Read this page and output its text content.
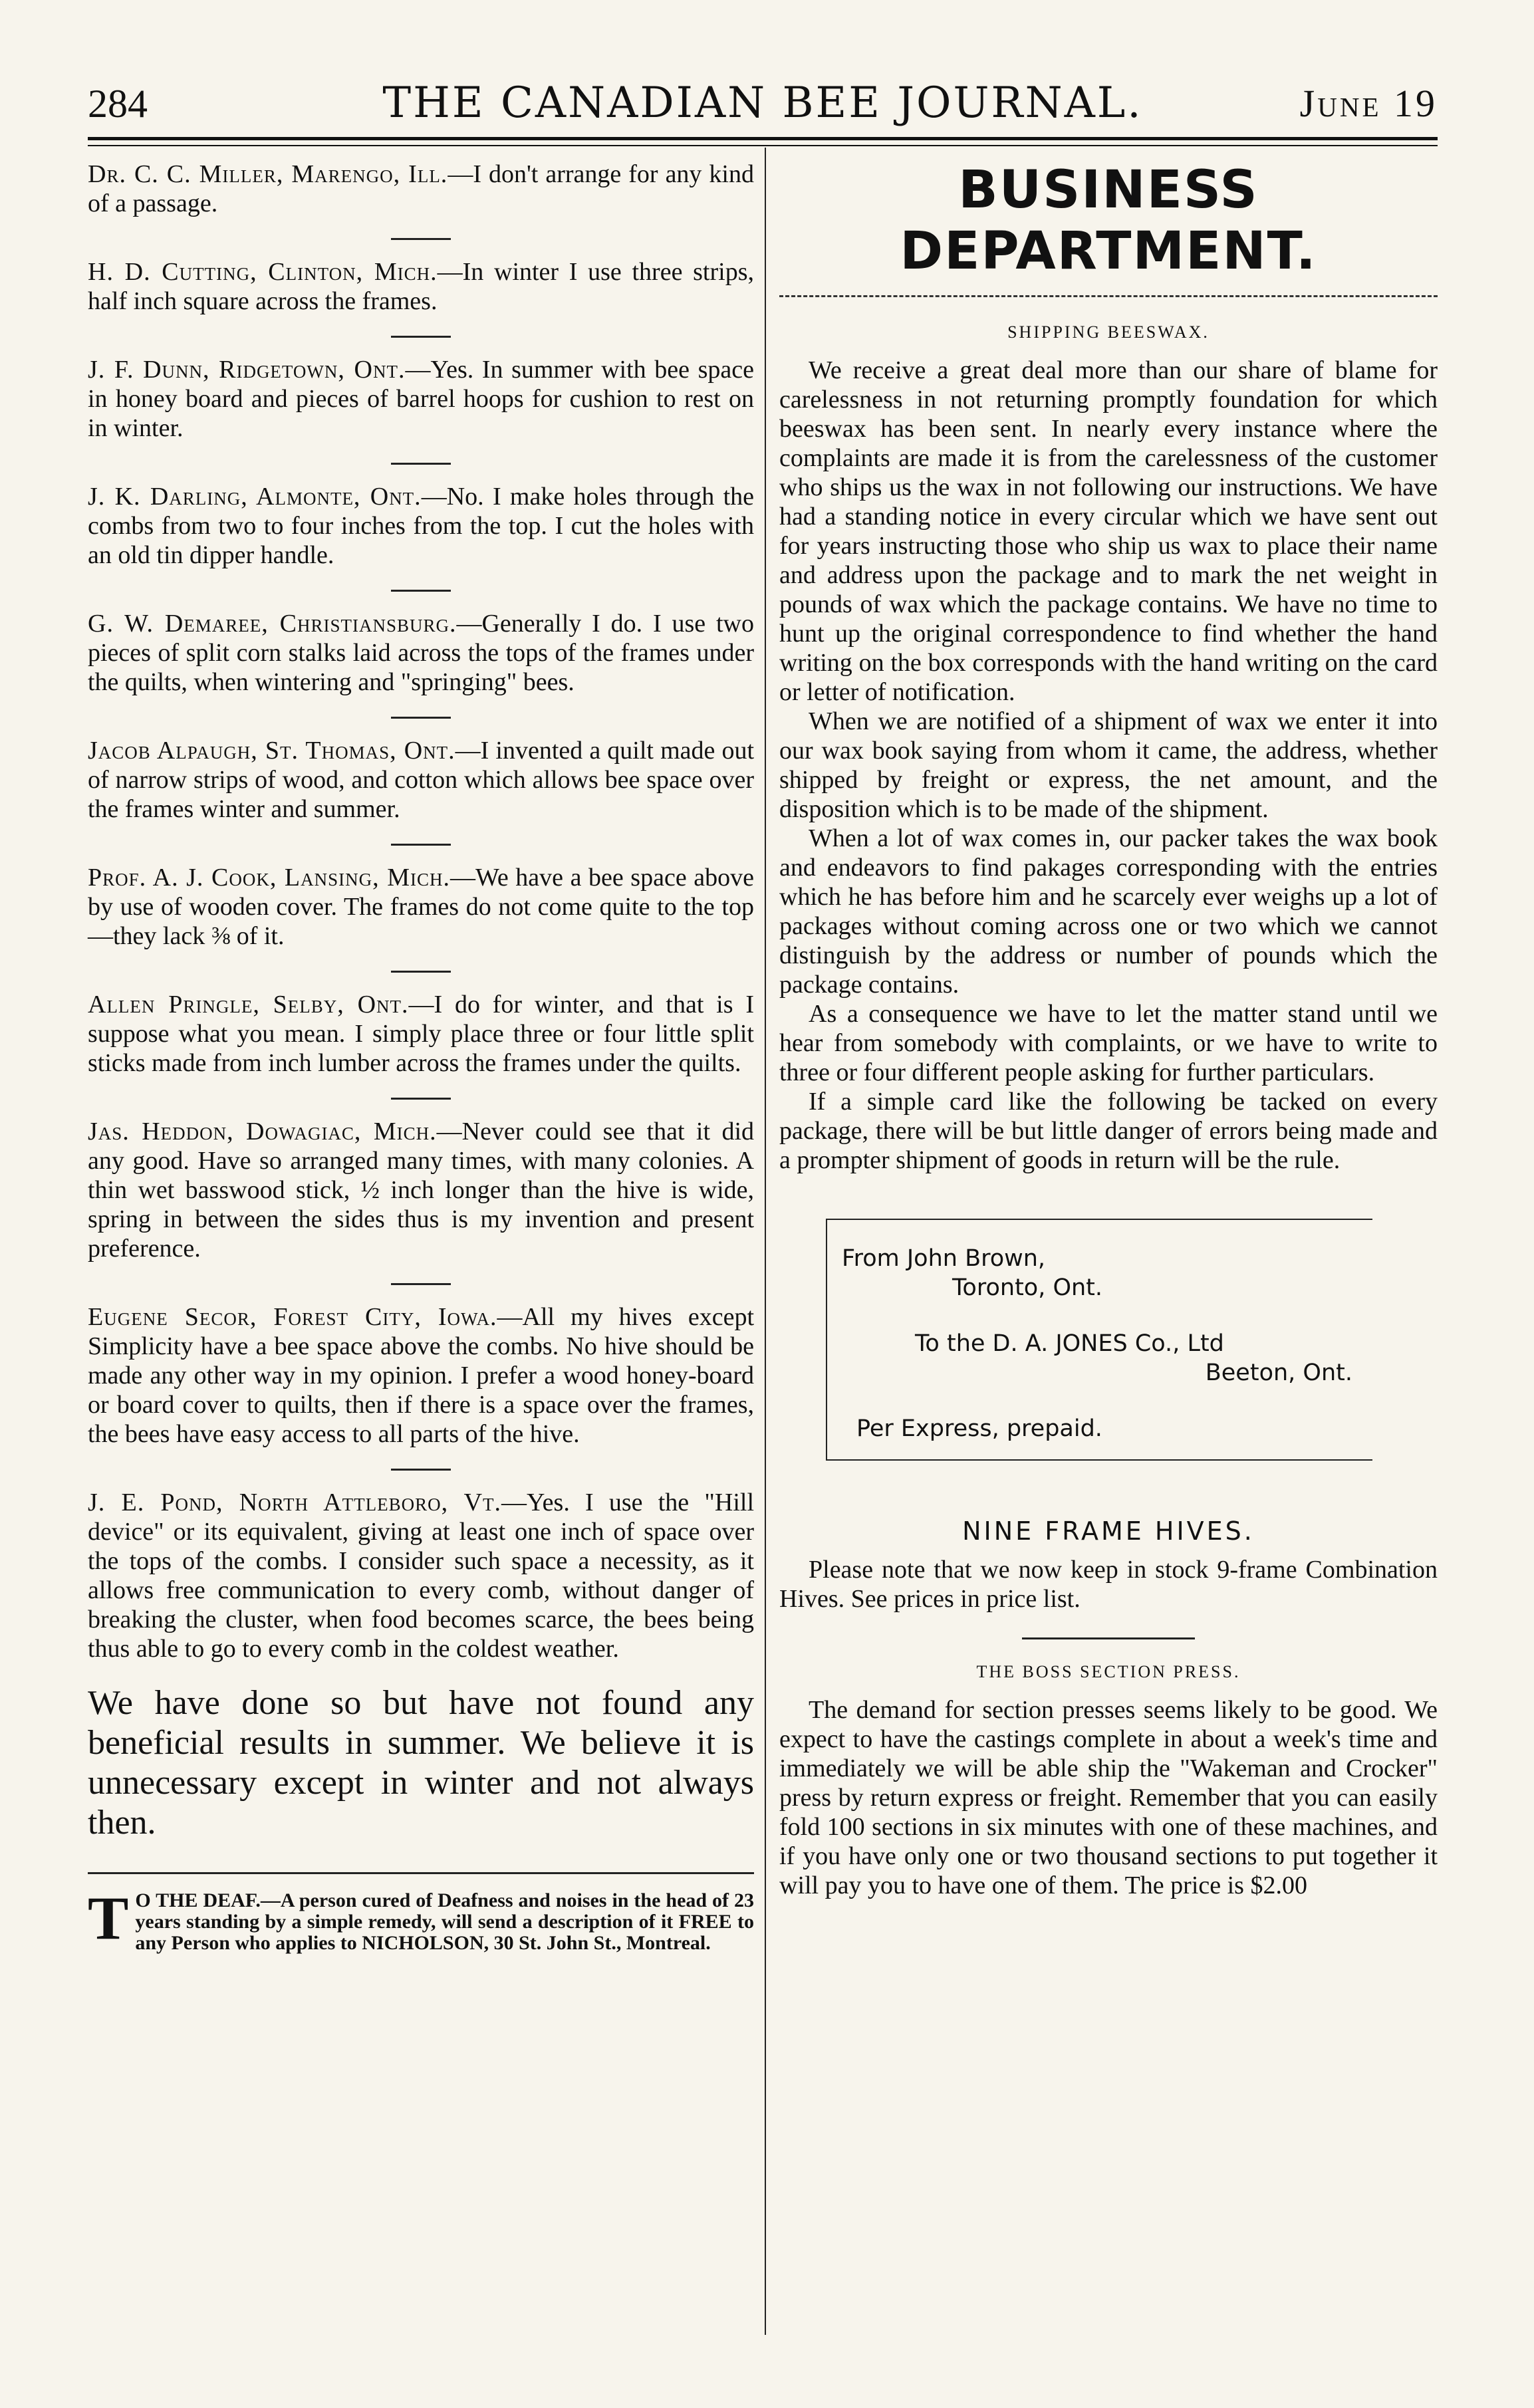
284	THE CANADIAN BEE JOURNAL.	June 19

Dr. C. C. Miller, Marengo, Ill.—I don't arrange for any kind of a passage.

H. D. Cutting, Clinton, Mich.—In winter I use three strips, half inch square across the frames.

J. F. Dunn, Ridgetown, Ont.—Yes. In summer with bee space in honey board and pieces of barrel hoops for cushion to rest on in winter.

J. K. Darling, Almonte, Ont.—No. I make holes through the combs from two to four inches from the top. I cut the holes with an old tin dipper handle.

G. W. Demaree, Christiansburg.—Generally I do. I use two pieces of split corn stalks laid across the tops of the frames under the quilts, when wintering and "springing" bees.

Jacob Alpaugh, St. Thomas, Ont.—I invented a quilt made out of narrow strips of wood, and cotton which allows bee space over the frames winter and summer.

Prof. A. J. Cook, Lansing, Mich.—We have a bee space above by use of wooden cover. The frames do not come quite to the top—they lack ⅜ of it.

Allen Pringle, Selby, Ont.—I do for winter, and that is I suppose what you mean. I simply place three or four little split sticks made from inch lumber across the frames under the quilts.

Jas. Heddon, Dowagiac, Mich.—Never could see that it did any good. Have so arranged many times, with many colonies. A thin wet basswood stick, ½ inch longer than the hive is wide, spring in between the sides thus is my invention and present preference.

Eugene Secor, Forest City, Iowa.—All my hives except Simplicity have a bee space above the combs. No hive should be made any other way in my opinion. I prefer a wood honey-board or board cover to quilts, then if there is a space over the frames, the bees have easy access to all parts of the hive.

J. E. Pond, North Attleboro, Vt.—Yes. I use the "Hill device" or its equivalent, giving at least one inch of space over the tops of the combs. I consider such space a necessity, as it allows free communication to every comb, without danger of breaking the cluster, when food becomes scarce, the bees being thus able to go to every comb in the coldest weather.

We have done so but have not found any beneficial results in summer. We believe it is unnecessary except in winter and not always then.

T O THE DEAF.—A person cured of Deafness and noises in the head of 23 years standing by a simple remedy, will send a description of it FREE to any Person who applies to NICHOLSON, 30 St. John St., Montreal.
BUSINESS DEPARTMENT.
SHIPPING BEESWAX.

We receive a great deal more than our share of blame for carelessness in not returning promptly foundation for which beeswax has been sent. In nearly every instance where the complaints are made it is from the carelessness of the customer who ships us the wax in not following our instructions. We have had a standing notice in every circular which we have sent out for years instructing those who ship us wax to place their name and address upon the package and to mark the net weight in pounds of wax which the package contains. We have no time to hunt up the original correspondence to find whether the hand writing on the box corresponds with the hand writing on the card or letter of notification.

When we are notified of a shipment of wax we enter it into our wax book saying from whom it came, the address, whether shipped by freight or express, the net amount, and the disposition which is to be made of the shipment.

When a lot of wax comes in, our packer takes the wax book and endeavors to find pakages corresponding with the entries which he has before him and he scarcely ever weighs up a lot of packages without coming across one or two which we cannot distinguish by the address or number of pounds which the package contains.

As a consequence we have to let the matter stand until we hear from somebody with complaints, or we have to write to three or four different people asking for further particulars.

If a simple card like the following be tacked on every package, there will be but little danger of errors being made and a prompter shipment of goods in return will be the rule.

From John Brown,
Toronto, Ont.
To the D. A. JONES Co., Ltd
Beeton, Ont.
Per Express, prepaid.
NINE FRAME HIVES.

Please note that we now keep in stock 9-frame Combination Hives. See prices in price list.

THE BOSS SECTION PRESS.

The demand for section presses seems likely to be good. We expect to have the castings complete in about a week's time and immediately we will be able ship the "Wakeman and Crocker" press by return express or freight. Remember that you can easily fold 100 sections in six minutes with one of these machines, and if you have only one or two thousand sections to put together it will pay you to have one of them. The price is $2.00
